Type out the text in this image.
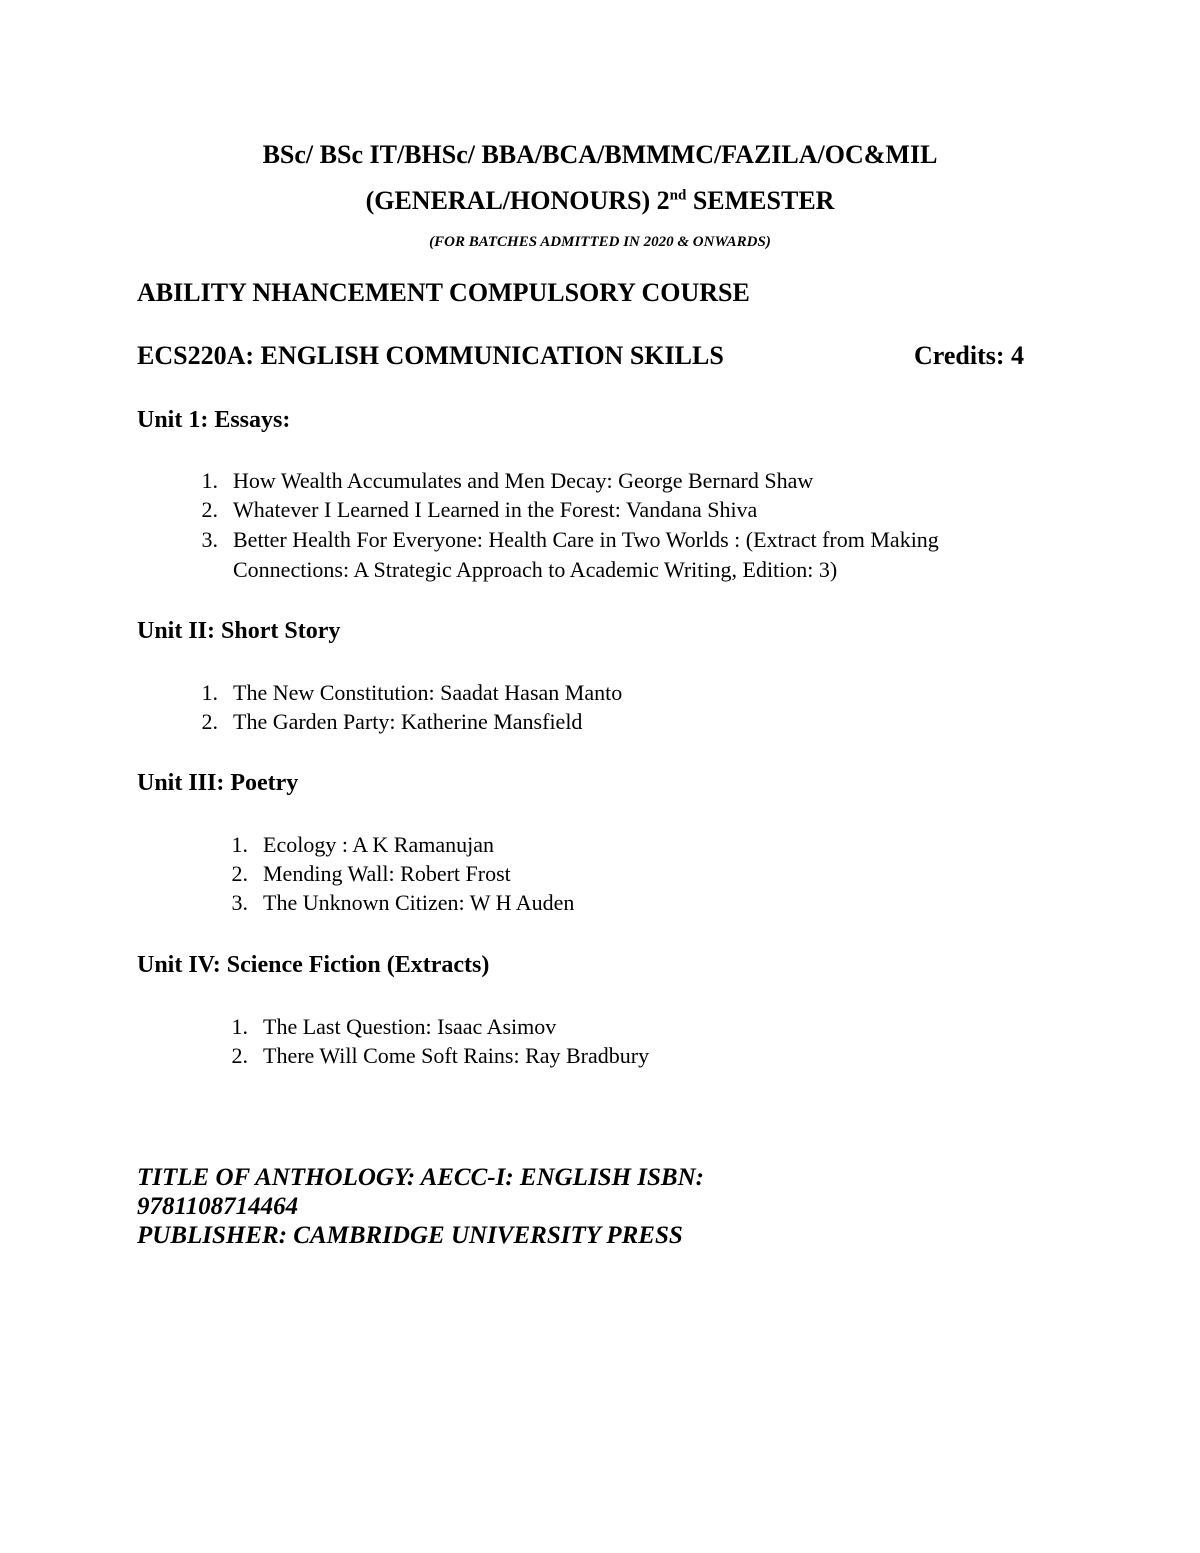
BSc/ BSc IT/BHSc/ BBA/BCA/BMMMC/FAZILA/OC&MIL
(GENERAL/HONOURS) 2nd SEMESTER
(FOR BATCHES ADMITTED IN 2020 & ONWARDS)
ABILITY NHANCEMENT COMPULSORY COURSE
ECS220A: ENGLISH COMMUNICATION SKILLS	Credits: 4
Unit 1: Essays:
1. How Wealth Accumulates and Men Decay: George Bernard Shaw
2. Whatever I Learned I Learned in the Forest: Vandana Shiva
3. Better Health For Everyone: Health Care in Two Worlds : (Extract from Making
Connections: A Strategic Approach to Academic Writing, Edition: 3)
Unit II: Short Story
1. The New Constitution: Saadat Hasan Manto
2. The Garden Party: Katherine Mansfield
Unit III: Poetry
1. Ecology : A K Ramanujan
2. Mending Wall: Robert Frost
3. The Unknown Citizen: W H Auden
Unit IV: Science Fiction (Extracts)
1. The Last Question: Isaac Asimov
2. There Will Come Soft Rains: Ray Bradbury
TITLE OF ANTHOLOGY: AECC-I: ENGLISH ISBN:
9781108714464
PUBLISHER: CAMBRIDGE UNIVERSITY PRESS
